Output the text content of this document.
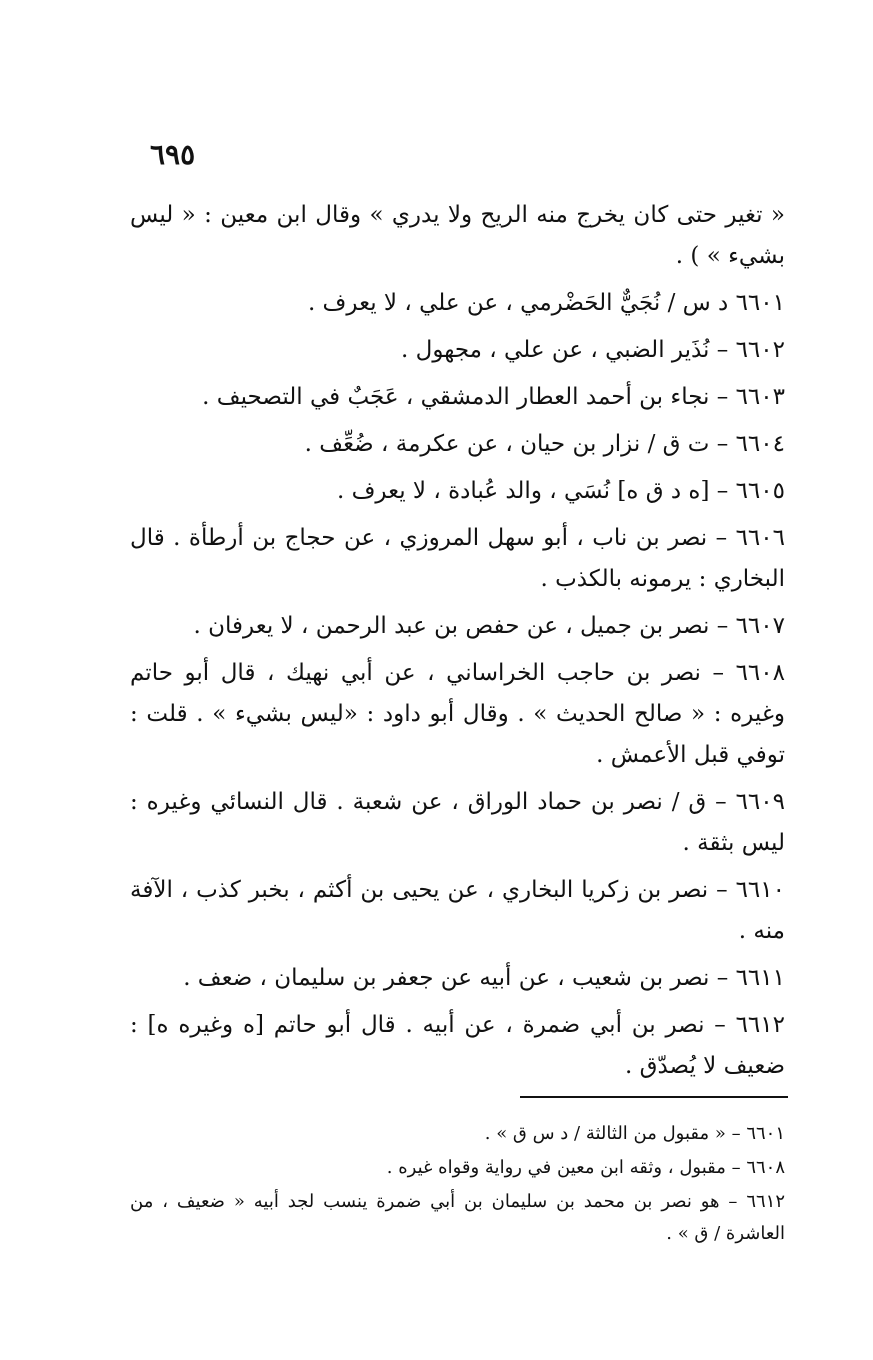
٦٩٥

« تغير حتى كان يخرج منه الريح ولا يدري » وقال ابن معين : « ليس بشيء » ) .

٦٦٠١ د س / نُجَيٌّ الحَضْرمي ، عن علي ، لا يعرف .

٦٦٠٢ – نُذَير الضبي ، عن علي ، مجهول .

٦٦٠٣ – نجاء بن أحمد العطار الدمشقي ، عَجَبٌ في التصحيف .

٦٦٠٤ – ت ق / نزار بن حيان ، عن عكرمة ، ضُعِّف .

٦٦٠٥ – [ه د ق ه] نُسَي ، والد عُبادة ، لا يعرف .

٦٦٠٦ – نصر بن ناب ، أبو سهل المروزي ، عن حجاج بن أرطأة . قال البخاري : يرمونه بالكذب .

٦٦٠٧ – نصر بن جميل ، عن حفص بن عبد الرحمن ، لا يعرفان .

٦٦٠٨ – نصر بن حاجب الخراساني ، عن أبي نهيك ، قال أبو حاتم وغيره : « صالح الحديث » . وقال أبو داود : «ليس بشيء » . قلت : توفي قبل الأعمش .

٦٦٠٩ – ق / نصر بن حماد الوراق ، عن شعبة . قال النسائي وغيره : ليس بثقة .

٦٦١٠ – نصر بن زكريا البخاري ، عن يحيى بن أكثم ، بخبر كذب ، الآفة منه .

٦٦١١ – نصر بن شعيب ، عن أبيه عن جعفر بن سليمان ، ضعف .

٦٦١٢ – نصر بن أبي ضمرة ، عن أبيه . قال أبو حاتم [ه وغيره ه] : ضعيف لا يُصدّق .

٦٦٠١ – « مقبول من الثالثة / د س ق » .

٦٦٠٨ – مقبول ، وثقه ابن معين في رواية وقواه غيره .

٦٦١٢ – هو نصر بن محمد بن سليمان بن أبي ضمرة ينسب لجد أبيه « ضعيف ، من العاشرة / ق » .
